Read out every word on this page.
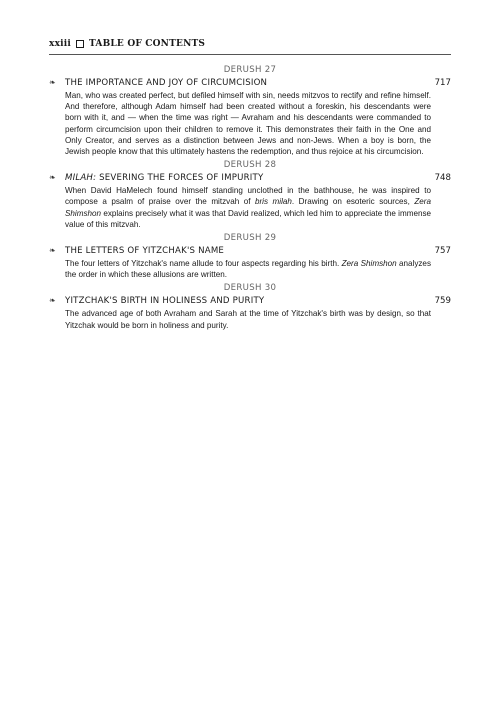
xxiii TABLE OF CONTENTS
DERUSH 27
❧	THE IMPORTANCE AND JOY OF CIRCUMCISION	717
Man, who was created perfect, but defiled himself with sin, needs mitzvos to rectify and refine himself. And therefore, although Adam himself had been created without a foreskin, his descendants were born with it, and — when the time was right — Avraham and his descendants were commanded to perform circumcision upon their children to remove it. This demonstrates their faith in the One and Only Creator, and serves as a distinction between Jews and non-Jews. When a boy is born, the Jewish people know that this ultimately hastens the redemption, and thus rejoice at his circumcision.
DERUSH 28
❧	MILAH: SEVERING THE FORCES OF IMPURITY	748
When David HaMelech found himself standing unclothed in the bathhouse, he was inspired to compose a psalm of praise over the mitzvah of bris milah. Drawing on esoteric sources, Zera Shimshon explains precisely what it was that David realized, which led him to appreciate the immense value of this mitzvah.
DERUSH 29
❧	THE LETTERS OF YITZCHAK'S NAME	757
The four letters of Yitzchak's name allude to four aspects regarding his birth. Zera Shimshon analyzes the order in which these allusions are written.
DERUSH 30
❧	YITZCHAK'S BIRTH IN HOLINESS AND PURITY	759
The advanced age of both Avraham and Sarah at the time of Yitzchak's birth was by design, so that Yitzchak would be born in holiness and purity.
